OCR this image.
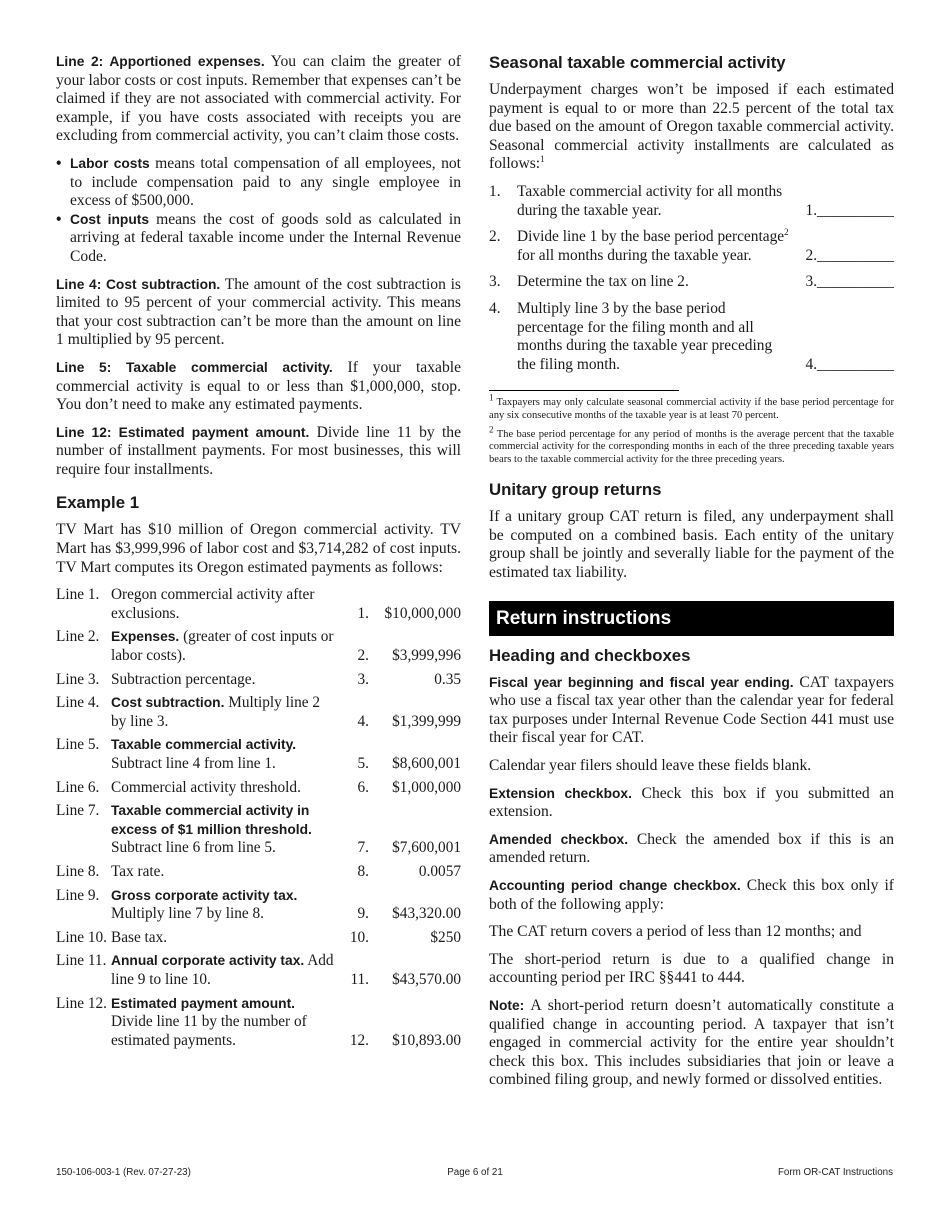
Line 2: Apportioned expenses. You can claim the greater of your labor costs or cost inputs. Remember that expenses can’t be claimed if they are not associated with commercial activity. For example, if you have costs associated with receipts you are excluding from commercial activity, you can’t claim those costs.

• Labor costs means total compensation of all employees, not to include compensation paid to any single employee in excess of $500,000.
• Cost inputs means the cost of goods sold as calculated in arriving at federal taxable income under the Internal Revenue Code.

Line 4: Cost subtraction. The amount of the cost subtraction is limited to 95 percent of your commercial activity. This means that your cost subtraction can’t be more than the amount on line 1 multiplied by 95 percent.

Line 5: Taxable commercial activity. If your taxable commercial activity is equal to or less than $1,000,000, stop. You don’t need to make any estimated payments.

Line 12: Estimated payment amount. Divide line 11 by the number of installment payments. For most businesses, this will require four installments.

Example 1

TV Mart has $10 million of Oregon commercial activity. TV Mart has $3,999,996 of labor cost and $3,714,282 of cost inputs. TV Mart computes its Oregon estimated payments as follows:

Line 1.	Oregon commercial activity after exclusions.	1.	$10,000,000
Line 2.	Expenses. (greater of cost inputs or labor costs).	2.	$3,999,996
Line 3.	Subtraction percentage.	3.	0.35
Line 4.	Cost subtraction. Multiply line 2 by line 3.	4.	$1,399,999
Line 5.	Taxable commercial activity. Subtract line 4 from line 1.	5.	$8,600,001
Line 6.	Commercial activity threshold.	6.	$1,000,000
Line 7.	Taxable commercial activity in excess of $1 million threshold. Subtract line 6 from line 5.	7.	$7,600,001
Line 8.	Tax rate.	8.	0.0057
Line 9.	Gross corporate activity tax. Multiply line 7 by line 8.	9.	$43,320.00
Line 10.	Base tax.	10.	$250
Line 11.	Annual corporate activity tax. Add line 9 to line 10.	11.	$43,570.00
Line 12.	Estimated payment amount. Divide line 11 by the number of estimated payments.	12.	$10,893.00
Seasonal taxable commercial activity

Underpayment charges won’t be imposed if each estimated payment is equal to or more than 22.5 percent of the total tax due based on the amount of Oregon taxable commercial activity. Seasonal commercial activity installments are calculated as follows:$^1$

1.	Taxable commercial activity for all months during the taxable year.	1.__________
2.	Divide line 1 by the base period percentage$^2$ for all months during the taxable year.	2.__________
3.	Determine the tax on line 2.	3.__________
4.	Multiply line 3 by the base period percentage for the filing month and all months during the taxable year preceding the filing month.	4.__________
$^1$ Taxpayers may only calculate seasonal commercial activity if the base period percentage for any six consecutive months of the taxable year is at least 70 percent.
$^2$ The base period percentage for any period of months is the average percent that the taxable commercial activity for the corresponding months in each of the three preceding taxable years bears to the taxable commercial activity for the three preceding years.
Unitary group returns

If a unitary group CAT return is filed, any underpayment shall be computed on a combined basis. Each entity of the unitary group shall be jointly and severally liable for the payment of the estimated tax liability.

Return instructions
Heading and checkboxes

Fiscal year beginning and fiscal year ending. CAT taxpayers who use a fiscal tax year other than the calendar year for federal tax purposes under Internal Revenue Code Section 441 must use their fiscal year for CAT.

Calendar year filers should leave these fields blank.

Extension checkbox. Check this box if you submitted an extension.

Amended checkbox. Check the amended box if this is an amended return.

Accounting period change checkbox. Check this box only if both of the following apply:

The CAT return covers a period of less than 12 months; and

The short-period return is due to a qualified change in accounting period per IRC §§441 to 444.

Note: A short-period return doesn’t automatically constitute a qualified change in accounting period. A taxpayer that isn’t engaged in commercial activity for the entire year shouldn’t check this box. This includes subsidiaries that join or leave a combined filing group, and newly formed or dissolved entities.

150-106-003-1 (Rev. 07-27-23)	Page 6 of 21	Form OR-CAT Instructions
